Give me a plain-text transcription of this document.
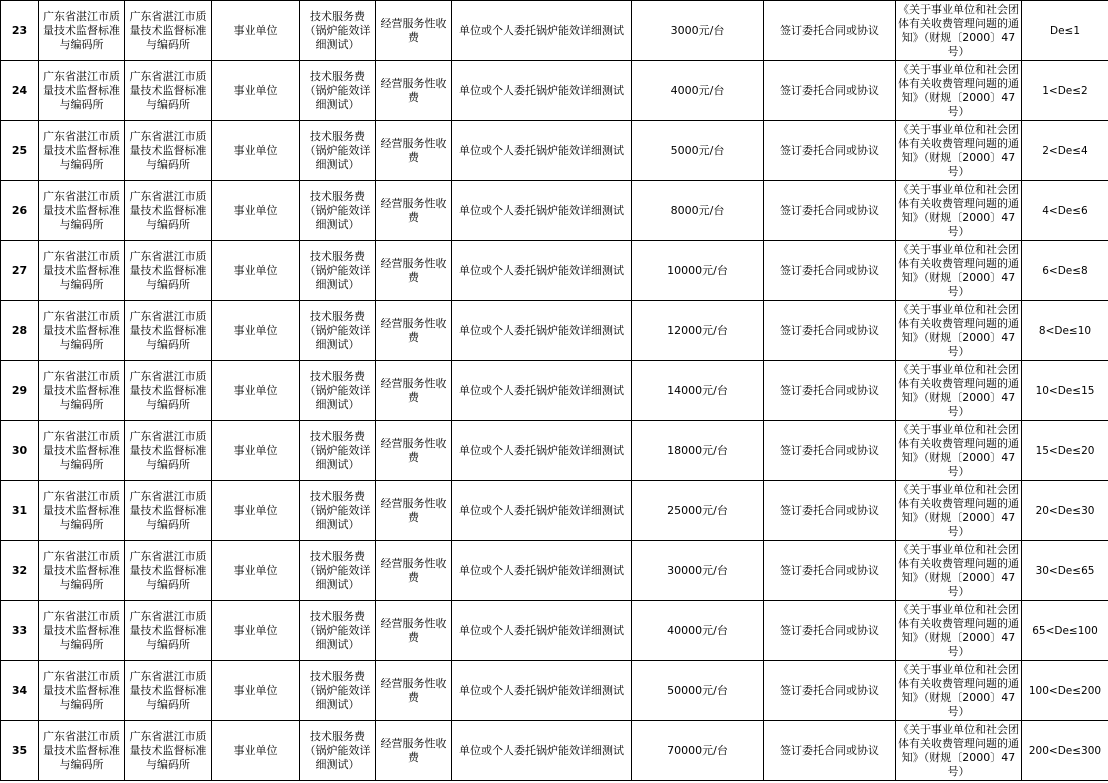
23	广东省湛江市质量技术监督标准与编码所	广东省湛江市质量技术监督标准与编码所	事业单位	技术服务费（锅炉能效详细测试）	经营服务性收费	单位或个人委托锅炉能效详细测试	3000元/台	签订委托合同或协议	《关于事业单位和社会团体有关收费管理问题的通知》（财规〔2000〕47号）	De≤1
24	广东省湛江市质量技术监督标准与编码所	广东省湛江市质量技术监督标准与编码所	事业单位	技术服务费（锅炉能效详细测试）	经营服务性收费	单位或个人委托锅炉能效详细测试	4000元/台	签订委托合同或协议	《关于事业单位和社会团体有关收费管理问题的通知》（财规〔2000〕47号）	1<De≤2
25	广东省湛江市质量技术监督标准与编码所	广东省湛江市质量技术监督标准与编码所	事业单位	技术服务费（锅炉能效详细测试）	经营服务性收费	单位或个人委托锅炉能效详细测试	5000元/台	签订委托合同或协议	《关于事业单位和社会团体有关收费管理问题的通知》（财规〔2000〕47号）	2<De≤4
26	广东省湛江市质量技术监督标准与编码所	广东省湛江市质量技术监督标准与编码所	事业单位	技术服务费（锅炉能效详细测试）	经营服务性收费	单位或个人委托锅炉能效详细测试	8000元/台	签订委托合同或协议	《关于事业单位和社会团体有关收费管理问题的通知》（财规〔2000〕47号）	4<De≤6
27	广东省湛江市质量技术监督标准与编码所	广东省湛江市质量技术监督标准与编码所	事业单位	技术服务费（锅炉能效详细测试）	经营服务性收费	单位或个人委托锅炉能效详细测试	10000元/台	签订委托合同或协议	《关于事业单位和社会团体有关收费管理问题的通知》（财规〔2000〕47号）	6<De≤8
28	广东省湛江市质量技术监督标准与编码所	广东省湛江市质量技术监督标准与编码所	事业单位	技术服务费（锅炉能效详细测试）	经营服务性收费	单位或个人委托锅炉能效详细测试	12000元/台	签订委托合同或协议	《关于事业单位和社会团体有关收费管理问题的通知》（财规〔2000〕47号）	8<De≤10
29	广东省湛江市质量技术监督标准与编码所	广东省湛江市质量技术监督标准与编码所	事业单位	技术服务费（锅炉能效详细测试）	经营服务性收费	单位或个人委托锅炉能效详细测试	14000元/台	签订委托合同或协议	《关于事业单位和社会团体有关收费管理问题的通知》（财规〔2000〕47号）	10<De≤15
30	广东省湛江市质量技术监督标准与编码所	广东省湛江市质量技术监督标准与编码所	事业单位	技术服务费（锅炉能效详细测试）	经营服务性收费	单位或个人委托锅炉能效详细测试	18000元/台	签订委托合同或协议	《关于事业单位和社会团体有关收费管理问题的通知》（财规〔2000〕47号）	15<De≤20
31	广东省湛江市质量技术监督标准与编码所	广东省湛江市质量技术监督标准与编码所	事业单位	技术服务费（锅炉能效详细测试）	经营服务性收费	单位或个人委托锅炉能效详细测试	25000元/台	签订委托合同或协议	《关于事业单位和社会团体有关收费管理问题的通知》（财规〔2000〕47号）	20<De≤30
32	广东省湛江市质量技术监督标准与编码所	广东省湛江市质量技术监督标准与编码所	事业单位	技术服务费（锅炉能效详细测试）	经营服务性收费	单位或个人委托锅炉能效详细测试	30000元/台	签订委托合同或协议	《关于事业单位和社会团体有关收费管理问题的通知》（财规〔2000〕47号）	30<De≤65
33	广东省湛江市质量技术监督标准与编码所	广东省湛江市质量技术监督标准与编码所	事业单位	技术服务费（锅炉能效详细测试）	经营服务性收费	单位或个人委托锅炉能效详细测试	40000元/台	签订委托合同或协议	《关于事业单位和社会团体有关收费管理问题的通知》（财规〔2000〕47号）	65<De≤100
34	广东省湛江市质量技术监督标准与编码所	广东省湛江市质量技术监督标准与编码所	事业单位	技术服务费（锅炉能效详细测试）	经营服务性收费	单位或个人委托锅炉能效详细测试	50000元/台	签订委托合同或协议	《关于事业单位和社会团体有关收费管理问题的通知》（财规〔2000〕47号）	100<De≤200
35	广东省湛江市质量技术监督标准与编码所	广东省湛江市质量技术监督标准与编码所	事业单位	技术服务费（锅炉能效详细测试）	经营服务性收费	单位或个人委托锅炉能效详细测试	70000元/台	签订委托合同或协议	《关于事业单位和社会团体有关收费管理问题的通知》（财规〔2000〕47号）	200<De≤300
